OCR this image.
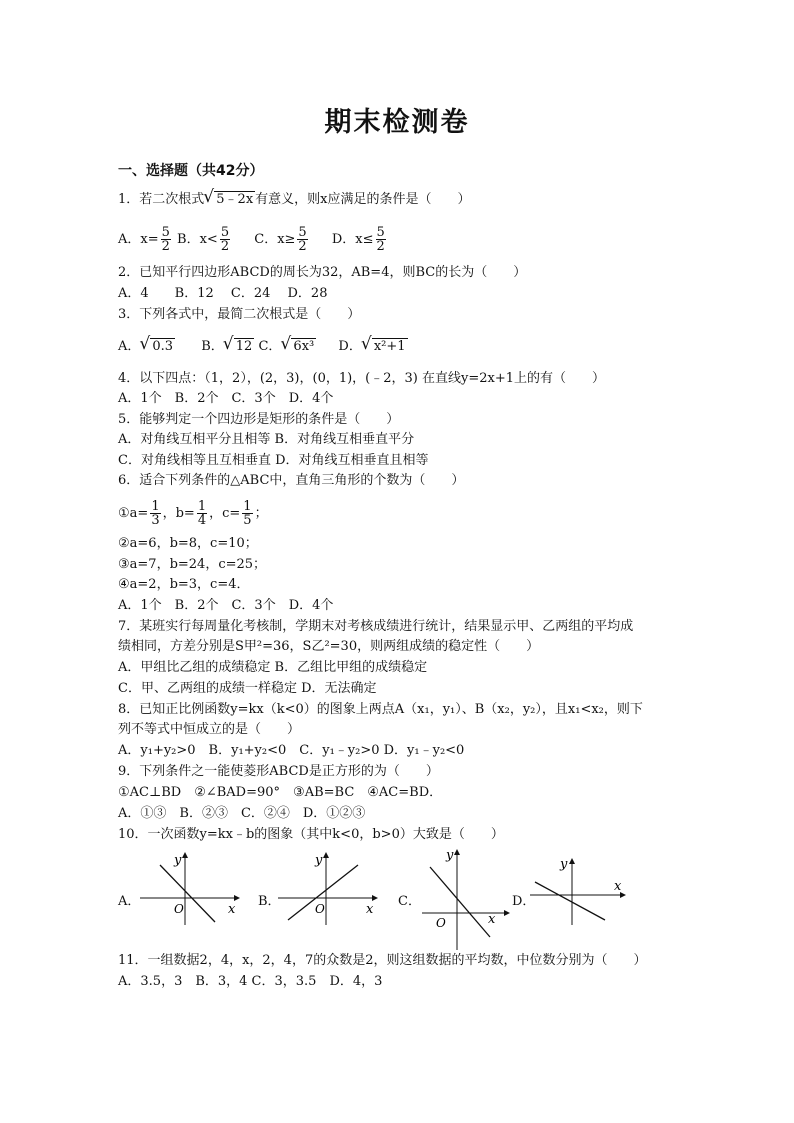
期末检测卷
一、选择题（共42分）
1．若二次根式 √ 5﹣2x 有意义，则x应满足的条件是（　　）
A．$x= \frac{5}{2}$ B．$x< \frac{5}{2}$ C．$x\ge \frac{5}{2}$ D．$x\le \frac{5}{2}$
2．已知平行四边形ABCD的周长为32，AB=4，则BC的长为（　　）
A．4　　B．12　 C．24　 D．28
3．下列各式中，最简二次根式是（　　）
A． √ 0.3 B． √ 12 C． √ 6x³ D． √ x²+1
4．以下四点：（1，2），(2，3)，(0，1)，(﹣2，3) 在直线y=2x+1上的有（　　）
A．1个　B．2个　C．3个　D．4个
5．能够判定一个四边形是矩形的条件是（　　）
A．对角线互相平分且相等 B．对角线互相垂直平分
C．对角线相等且互相垂直 D．对角线互相垂直且相等
6．适合下列条件的△ABC中，直角三角形的个数为（　　）
①a= $\frac{1}{3}$ ，$b= \frac{1}{4}$ ，$c= \frac{1}{5}$ ；
②a=6，b=8，c=10；
③a=7，b=24，c=25；
④a=2，b=3，c=4．
A．1个　B．2个　C．3个　D．4个
7．某班实行每周量化考核制，学期末对考核成绩进行统计，结果显示甲、乙两组的平均成
绩相同，方差分别是S甲²=36，S乙²=30，则两组成绩的稳定性（　　）
A．甲组比乙组的成绩稳定 B．乙组比甲组的成绩稳定
C．甲、乙两组的成绩一样稳定 D．无法确定
8．已知正比例函数y=kx（k<0）的图象上两点A（x₁，y₁）、B（x₂，y₂），且x₁<x₂，则下
列不等式中恒成立的是（　　）
A．y₁+y₂>0　B．y₁+y₂<0　C．y₁﹣y₂>0 D．y₁﹣y₂<0
9．下列条件之一能使菱形ABCD是正方形的为（　　）
①AC⊥BD　②∠BAD=90°　③AB=BC　④AC=BD．
A．①③　B．②③　C．②④　D．①②③
10．一次函数y=kx﹣b的图象（其中k<0，b>0）大致是（　　）
A．
y
O	x
B．
y
O	x
C．
y
O	x
D．
y
x
11．一组数据2，4，x，2，4，7的众数是2，则这组数据的平均数，中位数分别为（　　）
A．3.5，3　B．3，4 C．3，3.5　D．4，3
